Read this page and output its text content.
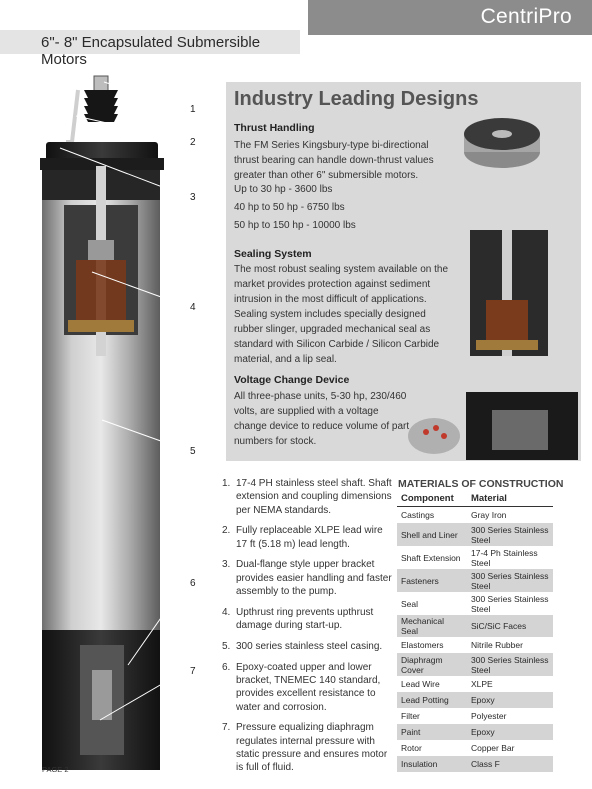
CentriPro
6"- 8" Encapsulated Submersible Motors
1
2
3
4
5
6
7
Industry Leading Designs
Thrust Handling

The FM Series Kingsbury-type bi-directional thrust bearing can handle down-thrust values greater than other 6" submersible motors.

Up to 30 hp - 3600 lbs

40 hp to 50 hp - 6750 lbs

50 hp to 150 hp - 10000 lbs

Sealing System

The most robust sealing system available on the market provides protection against sediment intrusion in the most difficult of applications. Sealing system includes specially designed rubber slinger, upgraded mechanical seal as standard with Silicon Carbide / Silicon Carbide material, and a lip seal.

Voltage Change Device

All three-phase units, 5-30 hp, 230/460 volts, are supplied with a voltage change device to reduce volume of part numbers for stock.

1. 17-4 PH stainless steel shaft. Shaft extension and coupling dimensions per NEMA standards.
2. Fully replaceable XLPE lead wire 17 ft (5.18 m) lead length.
3. Dual-flange style upper bracket provides easier handling and faster assembly to the pump.
4. Upthrust ring prevents upthrust damage during start-up.
5. 300 series stainless steel casing.
6. Epoxy-coated upper and lower bracket, TNEMEC 140 standard, provides excellent resistance to water and corrosion.
7. Pressure equalizing diaphragm regulates internal pressure with static pressure and ensures motor is full of fluid.
MATERIALS OF CONSTRUCTION
Component	Material
Castings	Gray Iron
Shell and Liner	300 Series Stainless Steel
Shaft Extension	17-4 Ph Stainless Steel
Fasteners	300 Series Stainless Steel
Seal	300 Series Stainless Steel
Mechanical Seal	SiC/SiC Faces
Elastomers	Nitrile Rubber
Diaphragm Cover	300 Series Stainless Steel
Lead Wire	XLPE
Lead Potting	Epoxy
Filter	Polyester
Paint	Epoxy
Rotor	Copper Bar
Insulation	Class F
PAGE 2
